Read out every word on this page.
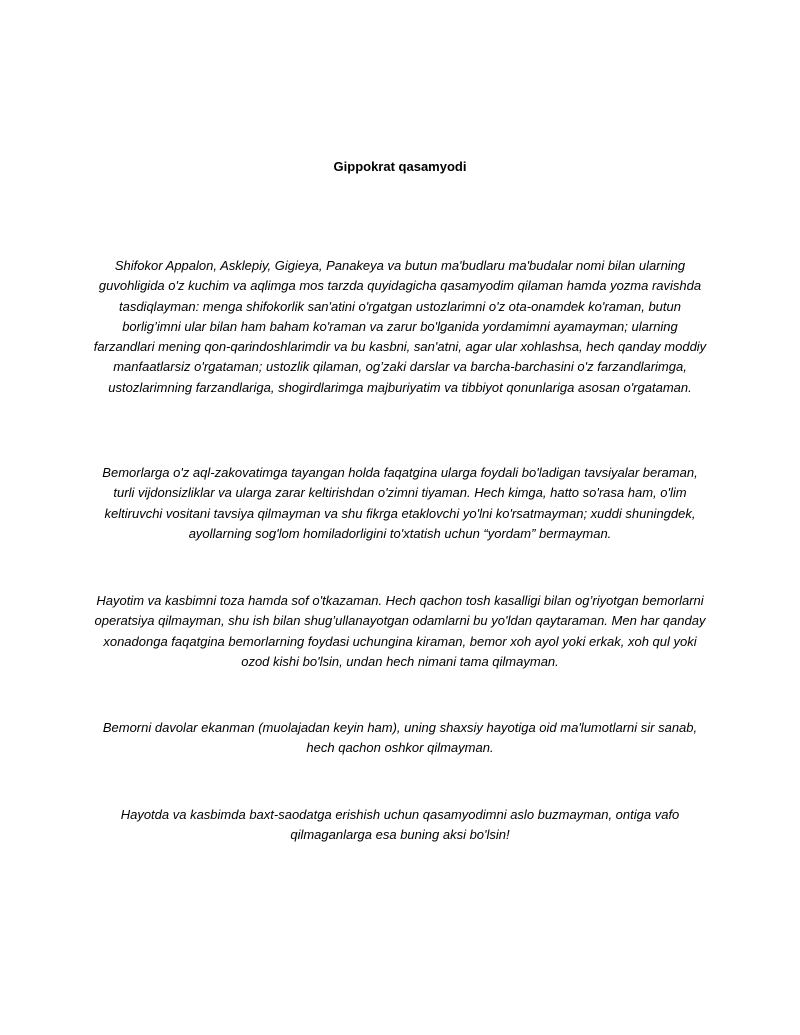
Gippokrat qasamyodi

Shifokor Appalon, Asklepiy, Gigieya, Panakeya va butun ma'budlaru ma'budalar nomi bilan ularning guvohligida o'z kuchim va aqlimga mos tarzda quyidagicha qasamyodim qilaman hamda yozma ravishda tasdiqlayman: menga shifokorlik san'atini o'rgatgan ustozlarimni o'z ota-onamdek ko'raman, butun borlig’imni ular bilan ham baham ko'raman va zarur bo'lganida yordamimni ayamayman; ularning farzandlari mening qon-qarindoshlarimdir va bu kasbni, san'atni, agar ular xohlashsa, hech qanday moddiy manfaatlarsiz o'rgataman; ustozlik qilaman, og’zaki darslar va barcha-barchasini o'z farzandlarimga, ustozlarimning farzandlariga, shogirdlarimga majburiyatim va tibbiyot qonunlariga asosan o'rgataman.

Bemorlarga o'z aql-zakovatimga tayangan holda faqatgina ularga foydali bo'ladigan tavsiyalar beraman, turli vijdonsizliklar va ularga zarar keltirishdan o'zimni tiyaman. Hech kimga, hatto so'rasa ham, o'lim keltiruvchi vositani tavsiya qilmayman va shu fikrga etaklovchi yo'lni ko'rsatmayman; xuddi shuningdek, ayollarning sog'lom homiladorligini to'xtatish uchun “yordam” bermayman.

Hayotim va kasbimni toza hamda sof o'tkazaman. Hech qachon tosh kasalligi bilan og’riyotgan bemorlarni operatsiya qilmayman, shu ish bilan shug’ullanayotgan odamlarni bu yo'ldan qaytaraman. Men har qanday xonadonga faqatgina bemorlarning foydasi uchungina kiraman, bemor xoh ayol yoki erkak, xoh qul yoki ozod kishi bo'lsin, undan hech nimani tama qilmayman.

Bemorni davolar ekanman (muolajadan keyin ham), uning shaxsiy hayotiga oid ma'lumotlarni sir sanab, hech qachon oshkor qilmayman.

Hayotda va kasbimda baxt-saodatga erishish uchun qasamyodimni aslo buzmayman, ontiga vafo qilmaganlarga esa buning aksi bo'lsin!
